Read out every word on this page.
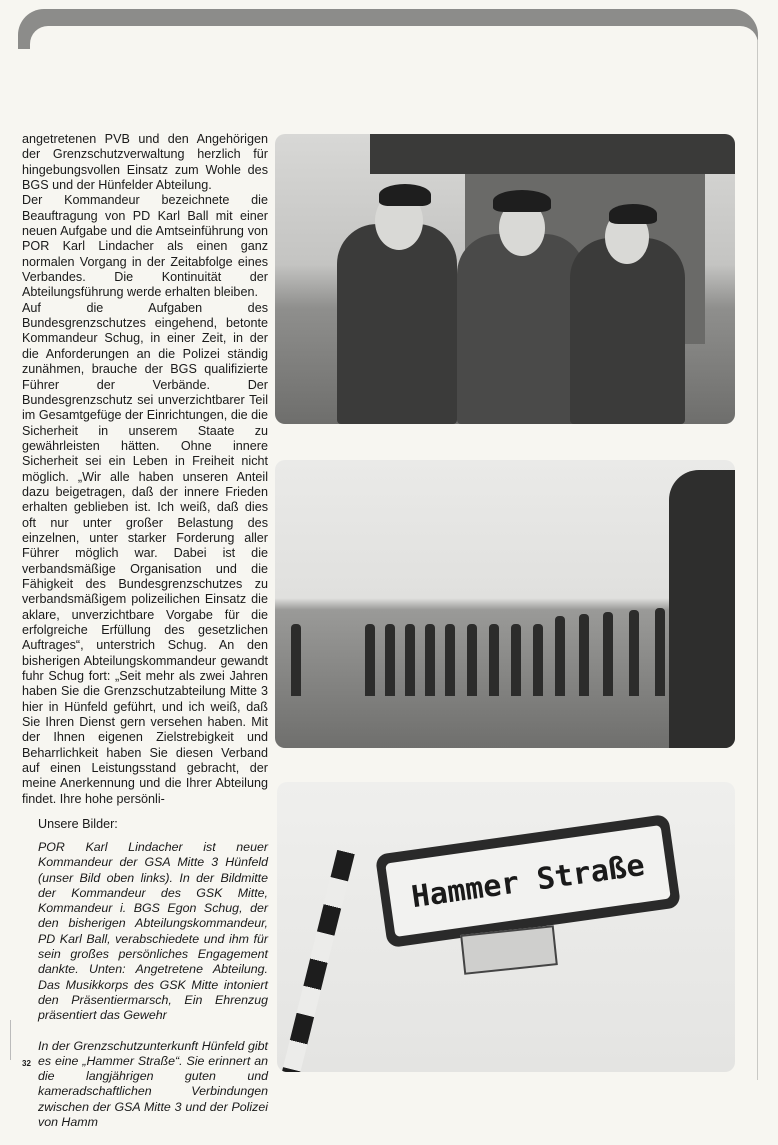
angetretenen PVB und den Angehörigen der Grenzschutzverwaltung herzlich für hingebungsvollen Einsatz zum Wohle des BGS und der Hünfelder Abteilung.

Der Kommandeur bezeichnete die Beauftragung von PD Karl Ball mit einer neuen Aufgabe und die Amtseinführung von POR Karl Lindacher als einen ganz normalen Vorgang in der Zeitabfolge eines Verbandes. Die Kontinuität der Abteilungsführung werde erhalten bleiben.

Auf die Aufgaben des Bundesgrenzschutzes eingehend, betonte Kommandeur Schug, in einer Zeit, in der die Anforderungen an die Polizei ständig zunähmen, brauche der BGS qualifizierte Führer der Verbände. Der Bundesgrenzschutz sei unverzichtbarer Teil im Gesamtgefüge der Einrichtungen, die die Sicherheit in unserem Staate zu gewährleisten hätten. Ohne innere Sicherheit sei ein Leben in Freiheit nicht möglich. „Wir alle haben unseren Anteil dazu beigetragen, daß der innere Frieden erhalten geblieben ist. Ich weiß, daß dies oft nur unter großer Belastung des einzelnen, unter starker Forderung aller Führer möglich war. Dabei ist die verbandsmäßige Organisation und die Fähigkeit des Bundesgrenzschutzes zu verbandsmäßigem polizeilichen Einsatz die aklare, unverzichtbare Vorgabe für die erfolgreiche Erfüllung des gesetzlichen Auftrages“, unterstrich Schug. An den bisherigen Abteilungskommandeur gewandt fuhr Schug fort: „Seit mehr als zwei Jahren haben Sie die Grenzschutzabteilung Mitte 3 hier in Hünfeld geführt, und ich weiß, daß Sie Ihren Dienst gern versehen haben. Mit der Ihnen eigenen Zielstrebigkeit und Beharrlichkeit haben Sie diesen Verband auf einen Leistungsstand gebracht, der meine Anerkennung und die Ihrer Abteilung findet. Ihre hohe persönli-

Unsere Bilder:

POR Karl Lindacher ist neuer Kommandeur der GSA Mitte 3 Hünfeld (unser Bild oben links). In der Bildmitte der Kommandeur des GSK Mitte, Kommandeur i. BGS Egon Schug, der den bisherigen Abteilungskommandeur, PD Karl Ball, verabschiedete und ihm für sein großes persönliches Engagement dankte. Unten: Angetretene Abteilung. Das Musikkorps des GSK Mitte intoniert den Präsentiermarsch, Ein Ehrenzug präsentiert das Gewehr

In der Grenzschutzunterkunft Hünfeld gibt es eine „Hammer Straße“. Sie erinnert an die langjährigen guten und kameradschaftlichen Verbindungen zwischen der GSA Mitte 3 und der Polizei von Hamm

32
Hammer Straße
